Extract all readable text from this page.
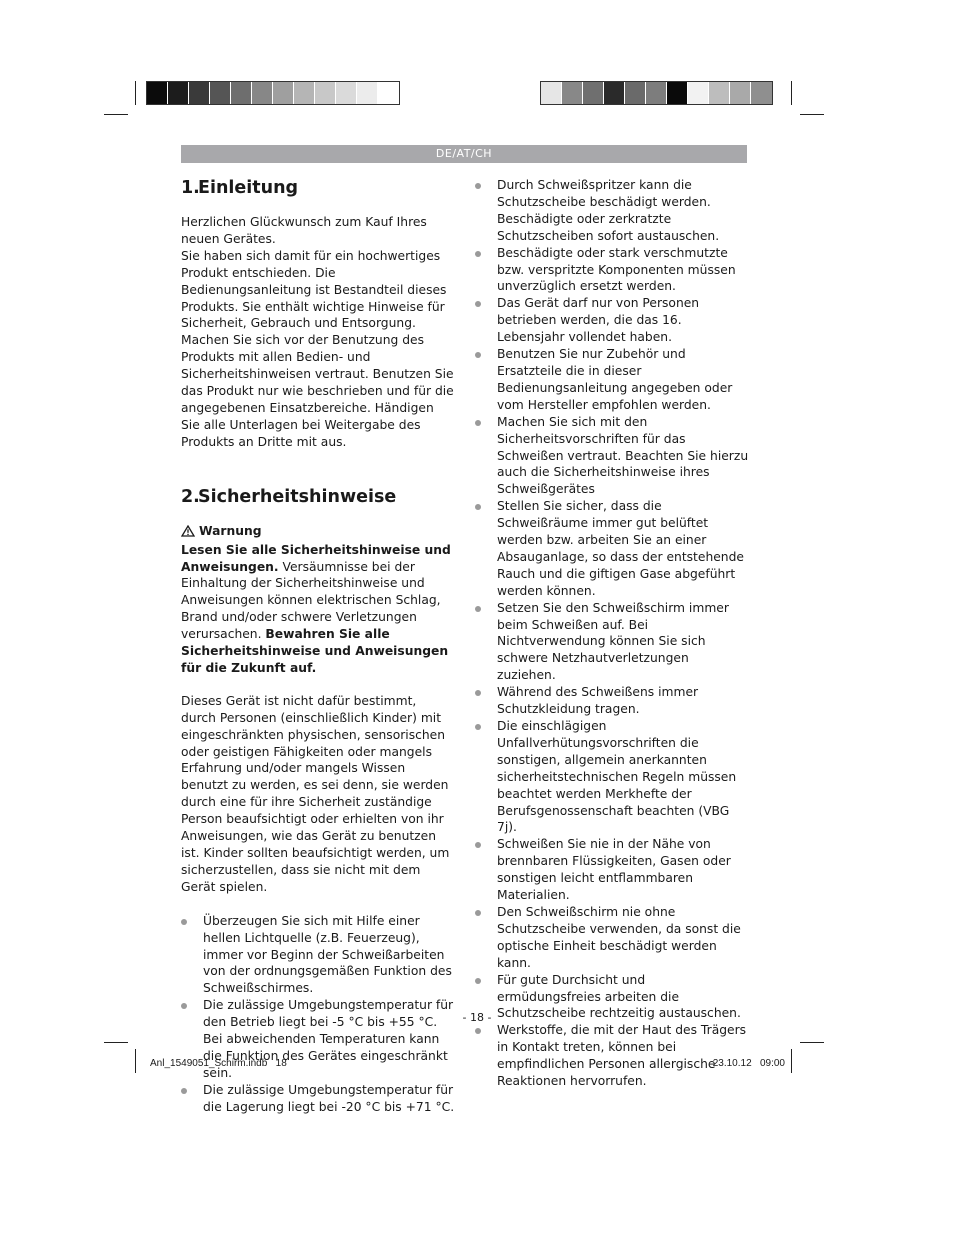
DE/AT/CH
1.Einleitung

Herzlichen Glückwunsch zum Kauf Ihres neuen Gerätes.

Sie haben sich damit für ein hochwertiges Produkt entschieden. Die Bedienungsanleitung ist Bestandteil dieses Produkts. Sie enthält wichtige Hinweise für Sicherheit, Gebrauch und Entsorgung. Machen Sie sich vor der Benutzung des Produkts mit allen Bedien- und Sicherheitshinweisen vertraut. Benutzen Sie das Produkt nur wie beschrieben und für die angegebenen Einsatzbereiche. Händigen Sie alle Unterlagen bei Weitergabe des Produkts an Dritte mit aus.

2.Sicherheitshinweise

Warnung

Lesen Sie alle Sicherheitshinweise und Anweisungen. Versäumnisse bei der Einhaltung der Sicherheitshinweise und Anweisungen können elektrischen Schlag, Brand und/oder schwere Verletzungen verursachen. Bewahren Sie alle Sicherheitshinweise und Anweisungen für die Zukunft auf.

Dieses Gerät ist nicht dafür bestimmt, durch Personen (einschließlich Kinder) mit eingeschränkten physischen, sensorischen oder geistigen Fähigkeiten oder mangels Erfahrung und/oder mangels Wissen benutzt zu werden, es sei denn, sie werden durch eine für ihre Sicherheit zuständige Person beaufsichtigt oder erhielten von ihr Anweisungen, wie das Gerät zu benutzen ist. Kinder sollten beaufsichtigt werden, um sicherzustellen, dass sie nicht mit dem Gerät spielen.

Überzeugen Sie sich mit Hilfe einer hellen Lichtquelle (z.B. Feuerzeug), immer vor Beginn der Schweißarbeiten von der ordnungsgemäßen Funktion des Schweißschirmes.
Die zulässige Umgebungstemperatur für den Betrieb liegt bei -5 °C bis +55 °C. Bei abweichenden Temperaturen kann die Funktion des Gerätes eingeschränkt sein.
Die zulässige Umgebungstemperatur für die Lagerung liegt bei -20 °C bis +71 °C.
Durch Schweißspritzer kann die Schutzscheibe beschädigt werden. Beschädigte oder zerkratzte Schutzscheiben sofort austauschen.
Beschädigte oder stark verschmutzte bzw. verspritzte Komponenten müssen unverzüglich ersetzt werden.
Das Gerät darf nur von Personen betrieben werden, die das 16. Lebensjahr vollendet haben.
Benutzen Sie nur Zubehör und Ersatzteile die in dieser Bedienungsanleitung angegeben oder vom Hersteller empfohlen werden.
Machen Sie sich mit den Sicherheitsvorschriften für das Schweißen vertraut. Beachten Sie hierzu auch die Sicherheitshinweise ihres Schweißgerätes
Stellen Sie sicher, dass die Schweißräume immer gut belüftet werden bzw. arbeiten Sie an einer Absauganlage, so dass der entstehende Rauch und die giftigen Gase abgeführt werden können.
Setzen Sie den Schweißschirm immer beim Schweißen auf. Bei Nichtverwendung können Sie sich schwere Netzhautverletzungen zuziehen.
Während des Schweißens immer Schutzkleidung tragen.
Die einschlägigen Unfallverhütungsvorschriften die sonstigen, allgemein anerkannten sicherheitstechnischen Regeln müssen beachtet werden Merkhefte der Berufsgenossenschaft beachten (VBG 7j).
Schweißen Sie nie in der Nähe von brennbaren Flüssigkeiten, Gasen oder sonstigen leicht entflammbaren Materialien.
Den Schweißschirm nie ohne Schutzscheibe verwenden, da sonst die optische Einheit beschädigt werden kann.
Für gute Durchsicht und ermüdungsfreies arbeiten die Schutzscheibe rechtzeitig austauschen.
Werkstoffe, die mit der Haut des Trägers in Kontakt treten, können bei empfindlichen Personen allergische Reaktionen hervorrufen.
- 18 -
Anl_1549051_Schirm.indb   18	23.10.12   09:00
